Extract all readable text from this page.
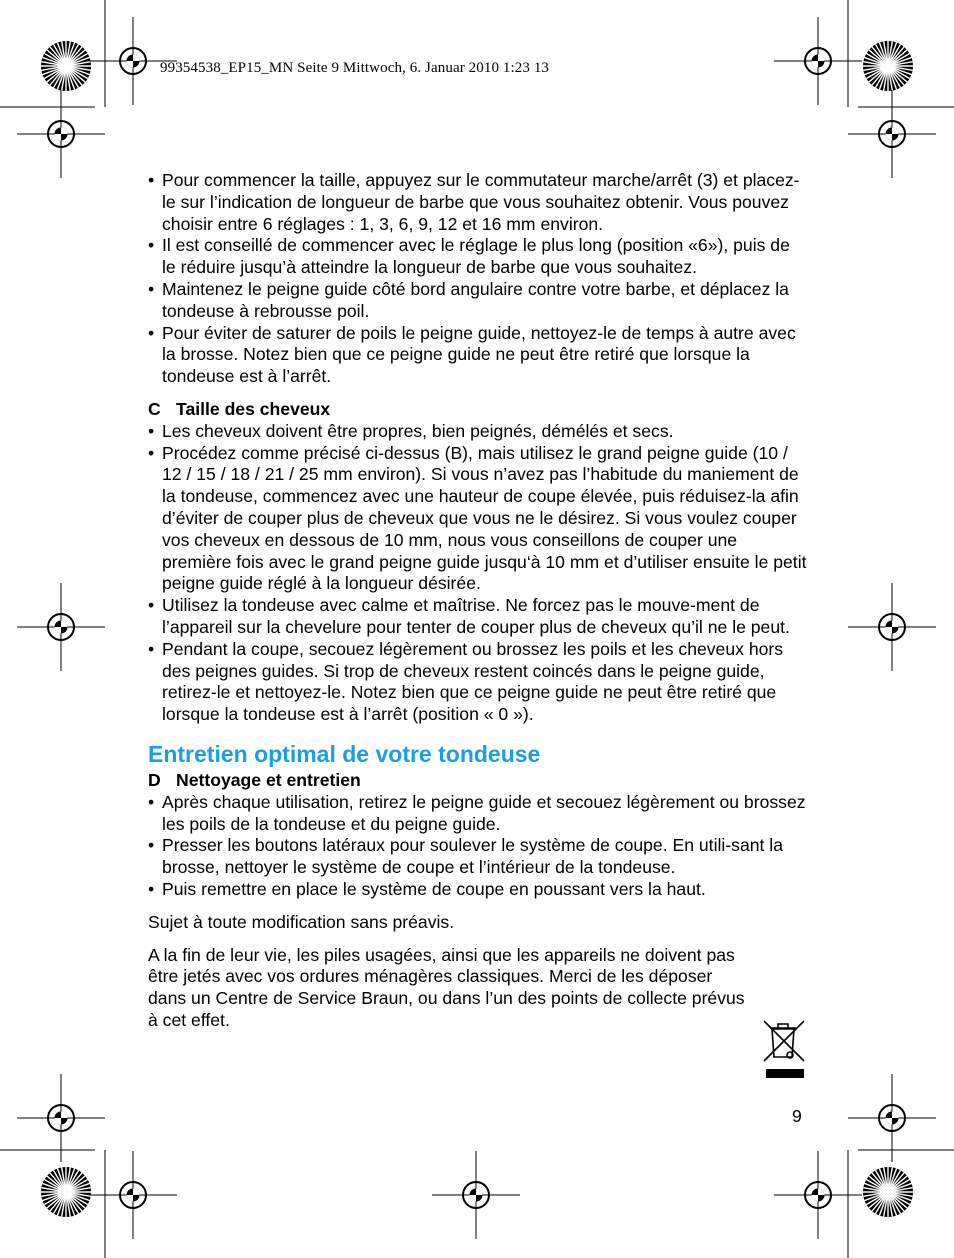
99354538_EP15_MN Seite 9 Mittwoch, 6. Januar 2010 1:23 13
• Pour commencer la taille, appuyez sur le commutateur marche/arrêt (3) et placez-le sur l’indication de longueur de barbe que vous souhaitez obtenir. Vous pouvez choisir entre 6 réglages : 1, 3, 6, 9, 12 et 16 mm environ.
• Il est conseillé de commencer avec le réglage le plus long (position «6»), puis de le réduire jusqu’à atteindre la longueur de barbe que vous souhaitez.
• Maintenez le peigne guide côté bord angulaire contre votre barbe, et déplacez la tondeuse à rebrousse poil.
• Pour éviter de saturer de poils le peigne guide, nettoyez-le de temps à autre avec la brosse. Notez bien que ce peigne guide ne peut être retiré que lorsque la tondeuse est à l’arrêt.

C Taille des cheveux

• Les cheveux doivent être propres, bien peignés, démélés et secs.
• Procédez comme précisé ci-dessus (B), mais utilisez le grand peigne guide (10 / 12 / 15 / 18 / 21 / 25 mm environ). Si vous n’avez pas l’habitude du maniement de la tondeuse, commencez avec une hauteur de coupe élevée, puis réduisez-la afin d’éviter de couper plus de cheveux que vous ne le désirez. Si vous voulez couper vos cheveux en dessous de 10 mm, nous vous conseillons de couper une première fois avec le grand peigne guide jusqu‘à 10 mm et d’utiliser ensuite le petit peigne guide réglé à la longueur désirée.
• Utilisez la tondeuse avec calme et maîtrise. Ne forcez pas le mouve-ment de l’appareil sur la chevelure pour tenter de couper plus de cheveux qu’il ne le peut.
• Pendant la coupe, secouez légèrement ou brossez les poils et les cheveux hors des peignes guides. Si trop de cheveux restent coincés dans le peigne guide, retirez-le et nettoyez-le. Notez bien que ce peigne guide ne peut être retiré que lorsque la tondeuse est à l’arrêt (position « 0 »).
Entretien optimal de votre tondeuse

D Nettoyage et entretien

• Après chaque utilisation, retirez le peigne guide et secouez légèrement ou brossez les poils de la tondeuse et du peigne guide.
• Presser les boutons latéraux pour soulever le système de coupe. En utili-sant la brosse, nettoyer le système de coupe et l’intérieur de la tondeuse.
• Puis remettre en place le système de coupe en poussant vers la haut.

Sujet à toute modification sans préavis.

A la fin de leur vie, les piles usagées, ainsi que les appareils ne doivent pas être jetés avec vos ordures ménagères classiques. Merci de les déposer dans un Centre de Service Braun, ou dans l’un des points de collecte prévus à cet effet.

9
